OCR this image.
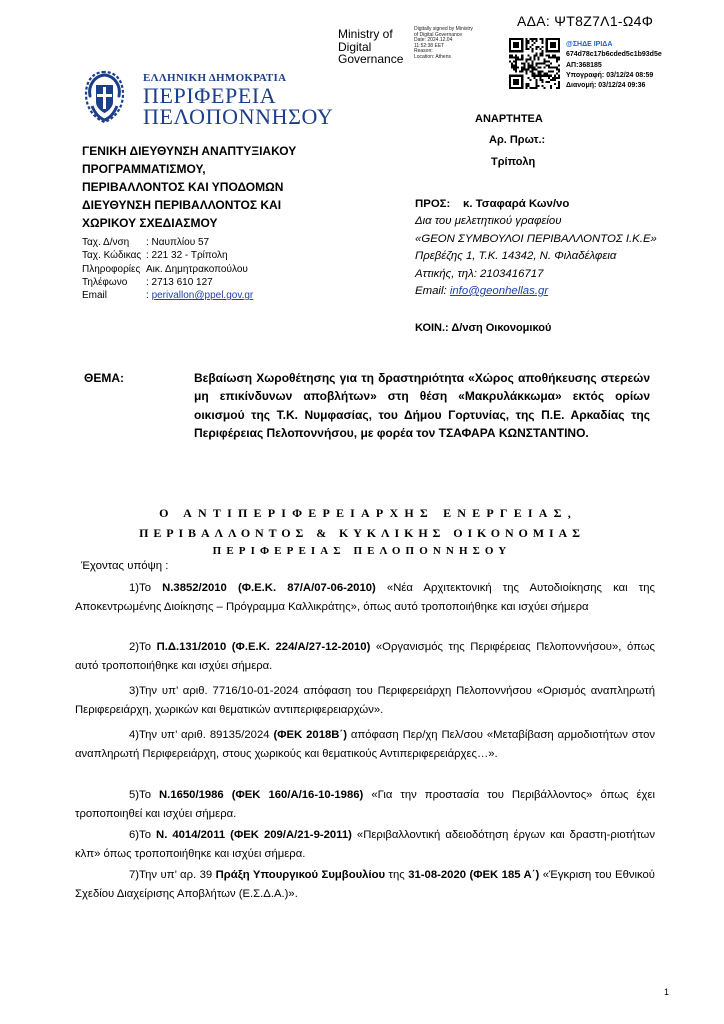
ΑΔΑ: ΨΤ8Ζ7Λ1-Ω4Φ
Ministry of
Digital
Governance
Digitally signed by Ministry
of Digital Governance
Date: 2024.12.04
11:52:38 EET
Reason:
Location: Athens
@ΣΗΔΕ ΙΡΙΔΑ
674d78c17b6cded5c1b93d5e
ΑΠ:368185
Υπογραφή: 03/12/24 08:59
Διανομή: 03/12/24 09:36
ΕΛΛΗΝΙΚΗ ΔΗΜΟΚΡΑΤΙΑ
ΠΕΡΙΦΕΡΕΙΑ
ΠΕΛΟΠΟΝΝΗΣΟΥ	ΑΝΑΡΤΗΤΕΑ
Αρ. Πρωτ.:
Τρίπολη
ΓΕΝΙΚΗ ΔΙΕΥΘΥΝΣΗ ΑΝΑΠΤΥΞΙΑΚΟΥ
ΠΡΟΓΡΑΜΜΑΤΙΣΜΟΥ,
ΠΕΡΙΒΑΛΛΟΝΤΟΣ ΚΑΙ ΥΠΟΔΟΜΩΝ
ΔΙΕΥΘΥΝΣΗ ΠΕΡΙΒΑΛΛΟΝΤΟΣ ΚΑΙ
ΧΩΡΙΚΟΥ ΣΧΕΔΙΑΣΜΟΥ
Ταχ. Δ/νση
Ταχ. Κώδικας
Πληροφορίες
Τηλέφωνο
Email
: Ναυπλίου 57
: 221 32 - Τρίπολη
Αικ. Δημητρακοπούλου
: 2713 610 127
: perivallon@ppel.gov.gr
ΠΡΟΣ: κ. Τσαφαρά Κων/νο
Δια του μελετητικού γραφείου
«GEON ΣΥΜΒΟΥΛΟΙ ΠΕΡΙΒΑΛΛΟΝΤΟΣ Ι.Κ.Ε»
Πρεβέζης 1, Τ.Κ. 14342, Ν. Φιλαδέλφεια
Αττικής, τηλ: 2103416717
Email: info@geonhellas.gr
ΚΟΙΝ.: Δ/νση Οικονομικού
ΘΕΜΑ:	Βεβαίωση Χωροθέτησης για τη δραστηριότητα «Χώρος αποθήκευσης στερεών μη επικίνδυνων αποβλήτων» στη θέση «Μακρυλάκκωμα» εκτός ορίων οικισμού της Τ.Κ. Νυμφασίας, του Δήμου Γορτυνίας, της Π.Ε. Αρκαδίας της Περιφέρειας Πελοποννήσου, με φορέα τον ΤΣΑΦΑΡΑ ΚΩΝΣΤΑΝΤΙΝΟ.
Ο ΑΝΤΙΠΕΡΙΦΕΡΕΙΑΡΧΗΣ ΕΝΕΡΓΕΙΑΣ,
ΠΕΡΙΒΑΛΛΟΝΤΟΣ & ΚΥΚΛΙΚΗΣ ΟΙΚΟΝΟΜΙΑΣ
ΠΕΡΙΦΕΡΕΙΑΣ ΠΕΛΟΠΟΝΝΗΣΟΥ
Έχοντας υπόψη :
1)Το Ν.3852/2010 (Φ.Ε.Κ. 87/Α/07-06-2010) «Νέα Αρχιτεκτονική της Αυτοδιοίκησης και της Αποκεντρωμένης Διοίκησης – Πρόγραμμα Καλλικράτης», όπως αυτό τροποποιήθηκε και ισχύει σήμερα
2)Το Π.Δ.131/2010 (Φ.Ε.Κ. 224/Α/27-12-2010) «Οργανισμός της Περιφέρειας Πελοποννήσου», όπως αυτό τροποποιήθηκε και ισχύει σήμερα.
3)Την υπ’ αριθ. 7716/10-01-2024 απόφαση του Περιφερειάρχη Πελοποννήσου «Ορισμός αναπληρωτή Περιφερειάρχη, χωρικών και θεματικών αντιπεριφερειαρχών».
4)Την υπ’ αριθ. 89135/2024 (ΦΕΚ 2018Β΄) απόφαση Περ/χη Πελ/σου «Μεταβίβαση αρμοδιοτήτων στον αναπληρωτή Περιφερειάρχη, στους χωρικούς και θεματικούς Αντιπεριφερειάρχες…».
5)Το Ν.1650/1986 (ΦΕΚ 160/Α/16-10-1986) «Για την προστασία του Περιβάλλοντος» όπως έχει τροποποιηθεί και ισχύει σήμερα.
6)Το Ν. 4014/2011 (ΦΕΚ 209/Α/21-9-2011) «Περιβαλλοντική αδειοδότηση έργων και δραστη-ριοτήτων κλπ» όπως τροποποιήθηκε και ισχύει σήμερα.
7)Την υπ’ αρ. 39 Πράξη Υπουργικού Συμβουλίου της 31-08-2020 (ΦΕΚ 185 Α΄) «Έγκριση του Εθνικού Σχεδίου Διαχείρισης Αποβλήτων (Ε.Σ.Δ.Α.)».
1
